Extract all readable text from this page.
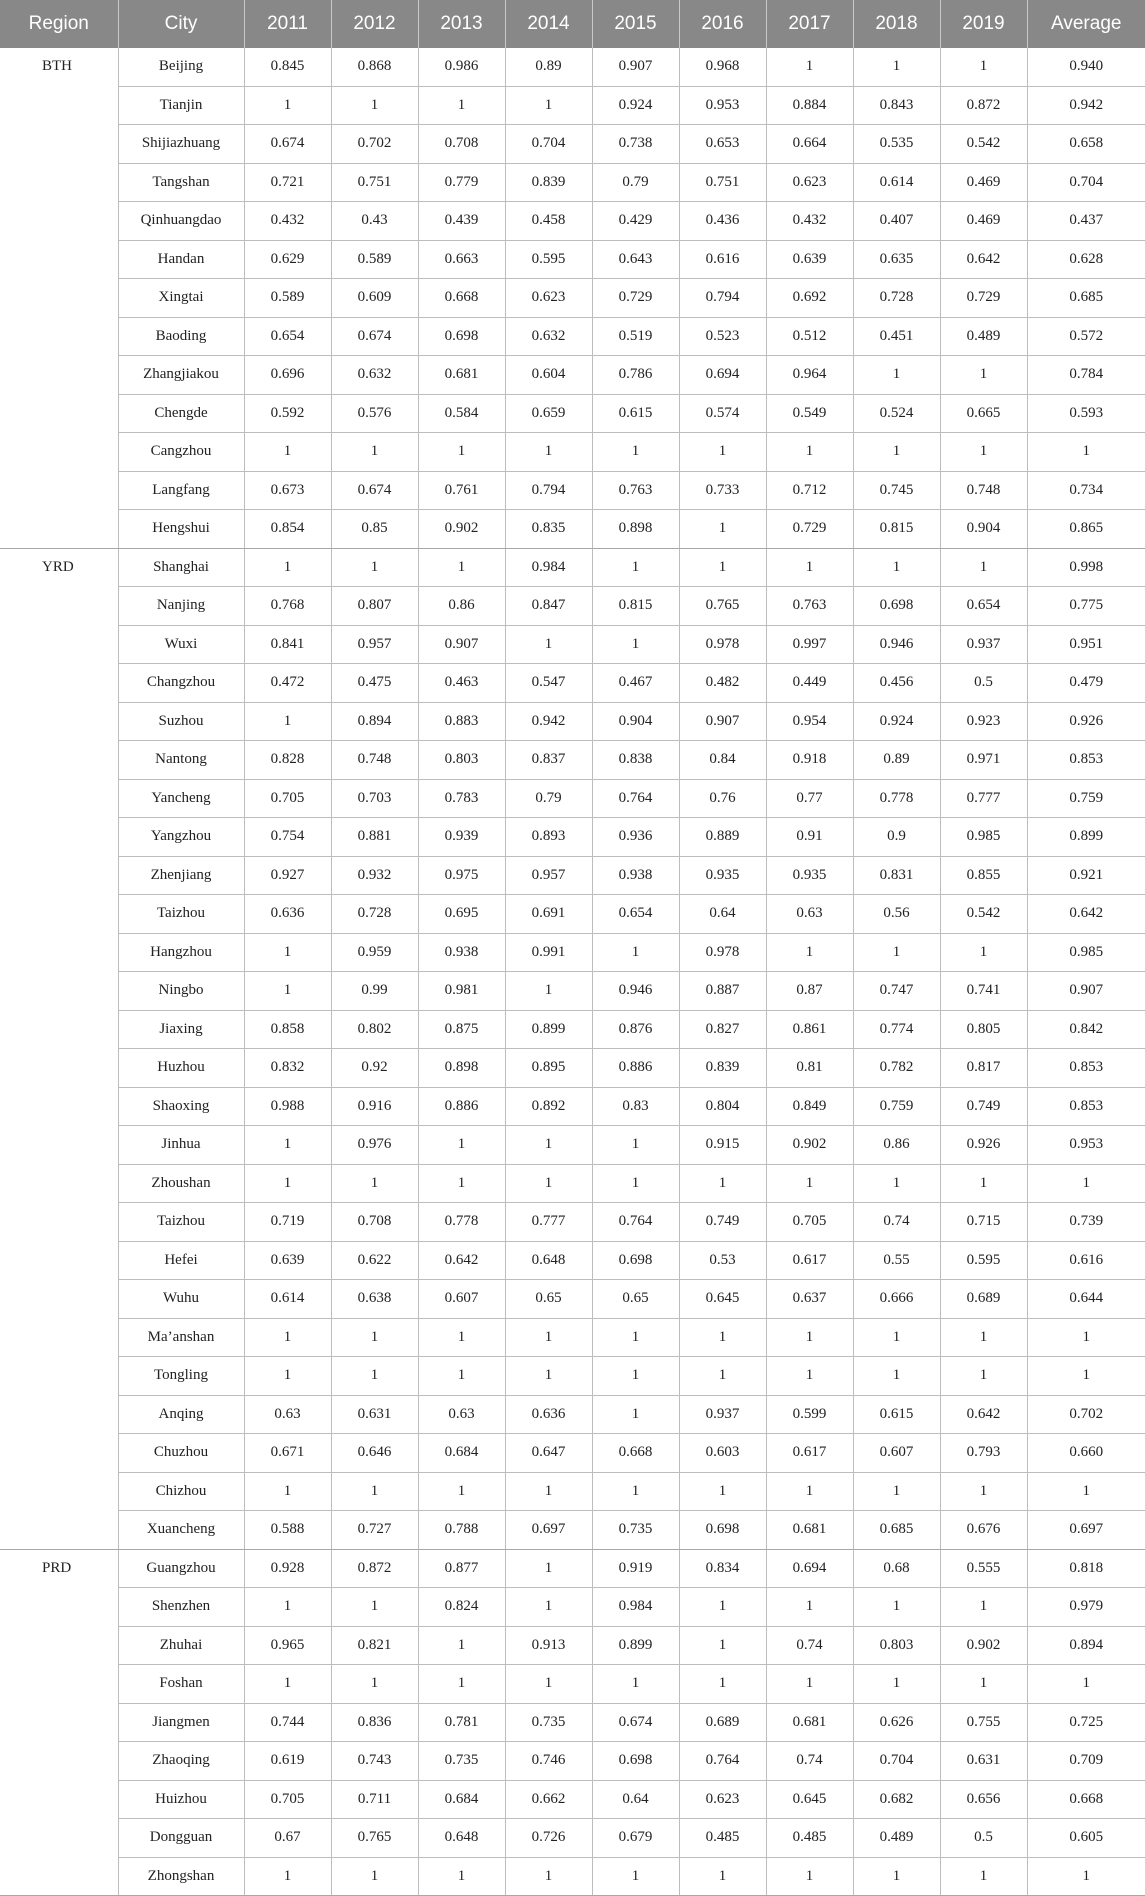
Region	City	2011	2012	2013	2014	2015	2016	2017	2018	2019	Average
BTH	Beijing	0.845	0.868	0.986	0.89	0.907	0.968	1	1	1	0.940
	Tianjin	1	1	1	1	0.924	0.953	0.884	0.843	0.872	0.942
	Shijiazhuang	0.674	0.702	0.708	0.704	0.738	0.653	0.664	0.535	0.542	0.658
	Tangshan	0.721	0.751	0.779	0.839	0.79	0.751	0.623	0.614	0.469	0.704
	Qinhuangdao	0.432	0.43	0.439	0.458	0.429	0.436	0.432	0.407	0.469	0.437
	Handan	0.629	0.589	0.663	0.595	0.643	0.616	0.639	0.635	0.642	0.628
	Xingtai	0.589	0.609	0.668	0.623	0.729	0.794	0.692	0.728	0.729	0.685
	Baoding	0.654	0.674	0.698	0.632	0.519	0.523	0.512	0.451	0.489	0.572
	Zhangjiakou	0.696	0.632	0.681	0.604	0.786	0.694	0.964	1	1	0.784
	Chengde	0.592	0.576	0.584	0.659	0.615	0.574	0.549	0.524	0.665	0.593
	Cangzhou	1	1	1	1	1	1	1	1	1	1
	Langfang	0.673	0.674	0.761	0.794	0.763	0.733	0.712	0.745	0.748	0.734
	Hengshui	0.854	0.85	0.902	0.835	0.898	1	0.729	0.815	0.904	0.865
YRD	Shanghai	1	1	1	0.984	1	1	1	1	1	0.998
	Nanjing	0.768	0.807	0.86	0.847	0.815	0.765	0.763	0.698	0.654	0.775
	Wuxi	0.841	0.957	0.907	1	1	0.978	0.997	0.946	0.937	0.951
	Changzhou	0.472	0.475	0.463	0.547	0.467	0.482	0.449	0.456	0.5	0.479
	Suzhou	1	0.894	0.883	0.942	0.904	0.907	0.954	0.924	0.923	0.926
	Nantong	0.828	0.748	0.803	0.837	0.838	0.84	0.918	0.89	0.971	0.853
	Yancheng	0.705	0.703	0.783	0.79	0.764	0.76	0.77	0.778	0.777	0.759
	Yangzhou	0.754	0.881	0.939	0.893	0.936	0.889	0.91	0.9	0.985	0.899
	Zhenjiang	0.927	0.932	0.975	0.957	0.938	0.935	0.935	0.831	0.855	0.921
	Taizhou	0.636	0.728	0.695	0.691	0.654	0.64	0.63	0.56	0.542	0.642
	Hangzhou	1	0.959	0.938	0.991	1	0.978	1	1	1	0.985
	Ningbo	1	0.99	0.981	1	0.946	0.887	0.87	0.747	0.741	0.907
	Jiaxing	0.858	0.802	0.875	0.899	0.876	0.827	0.861	0.774	0.805	0.842
	Huzhou	0.832	0.92	0.898	0.895	0.886	0.839	0.81	0.782	0.817	0.853
	Shaoxing	0.988	0.916	0.886	0.892	0.83	0.804	0.849	0.759	0.749	0.853
	Jinhua	1	0.976	1	1	1	0.915	0.902	0.86	0.926	0.953
	Zhoushan	1	1	1	1	1	1	1	1	1	1
	Taizhou	0.719	0.708	0.778	0.777	0.764	0.749	0.705	0.74	0.715	0.739
	Hefei	0.639	0.622	0.642	0.648	0.698	0.53	0.617	0.55	0.595	0.616
	Wuhu	0.614	0.638	0.607	0.65	0.65	0.645	0.637	0.666	0.689	0.644
	Ma’anshan	1	1	1	1	1	1	1	1	1	1
	Tongling	1	1	1	1	1	1	1	1	1	1
	Anqing	0.63	0.631	0.63	0.636	1	0.937	0.599	0.615	0.642	0.702
	Chuzhou	0.671	0.646	0.684	0.647	0.668	0.603	0.617	0.607	0.793	0.660
	Chizhou	1	1	1	1	1	1	1	1	1	1
	Xuancheng	0.588	0.727	0.788	0.697	0.735	0.698	0.681	0.685	0.676	0.697
PRD	Guangzhou	0.928	0.872	0.877	1	0.919	0.834	0.694	0.68	0.555	0.818
	Shenzhen	1	1	0.824	1	0.984	1	1	1	1	0.979
	Zhuhai	0.965	0.821	1	0.913	0.899	1	0.74	0.803	0.902	0.894
	Foshan	1	1	1	1	1	1	1	1	1	1
	Jiangmen	0.744	0.836	0.781	0.735	0.674	0.689	0.681	0.626	0.755	0.725
	Zhaoqing	0.619	0.743	0.735	0.746	0.698	0.764	0.74	0.704	0.631	0.709
	Huizhou	0.705	0.711	0.684	0.662	0.64	0.623	0.645	0.682	0.656	0.668
	Dongguan	0.67	0.765	0.648	0.726	0.679	0.485	0.485	0.489	0.5	0.605
	Zhongshan	1	1	1	1	1	1	1	1	1	1
